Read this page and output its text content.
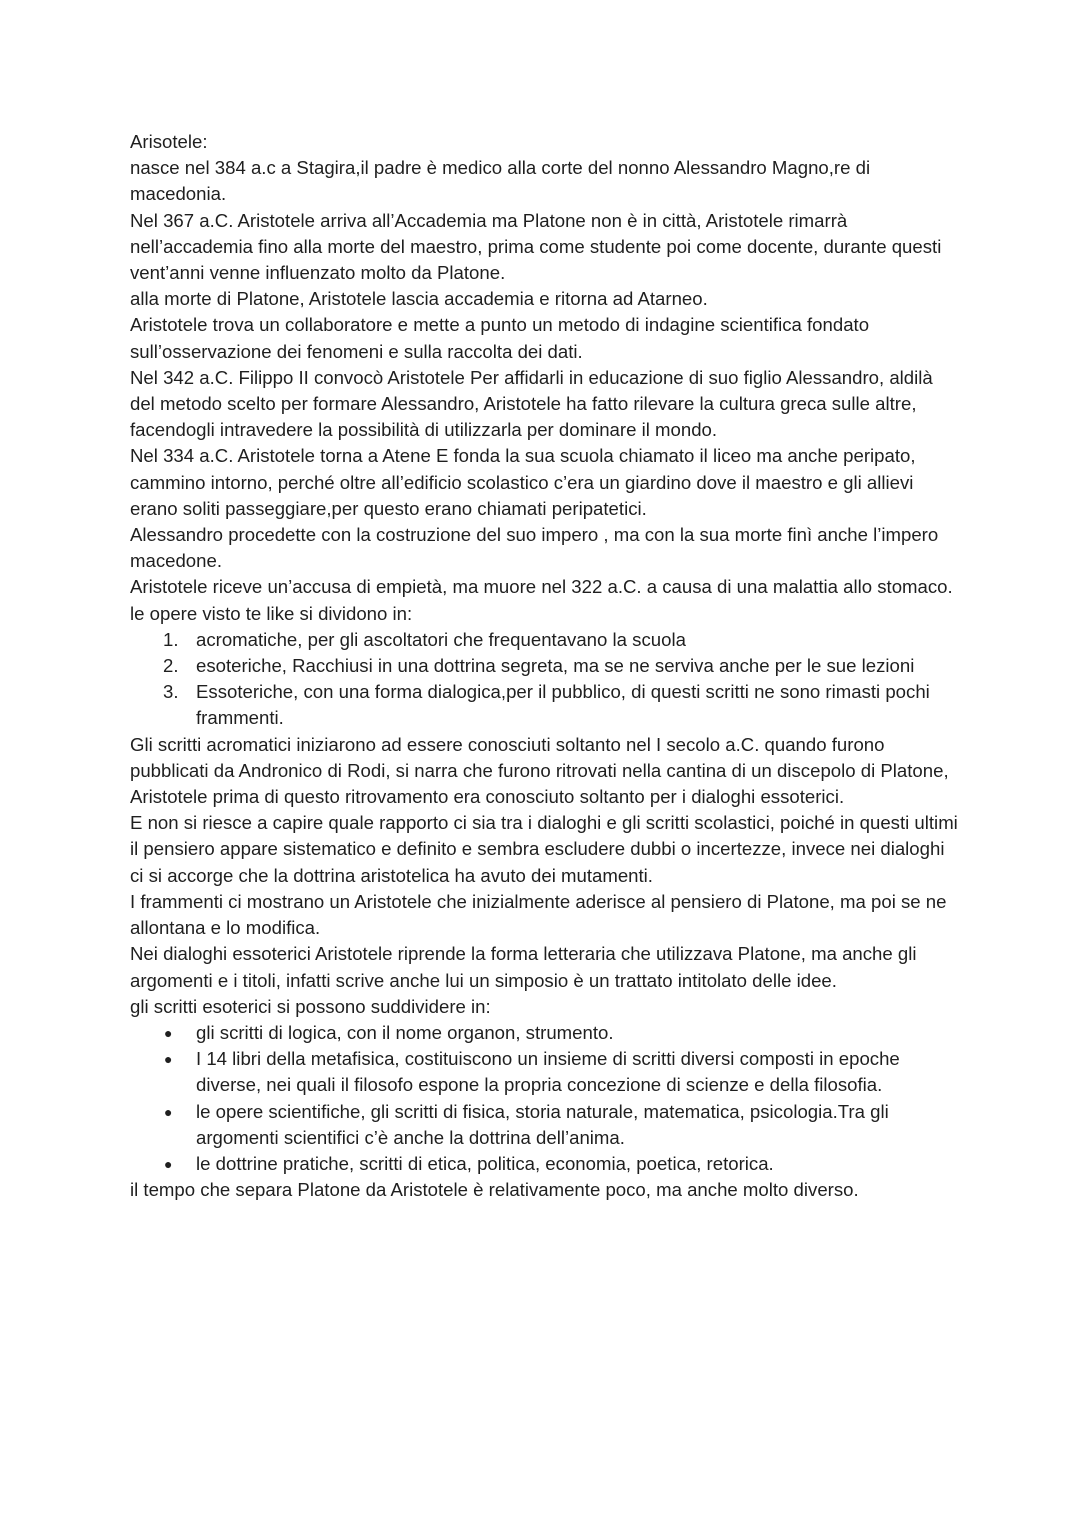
Arisotele:

nasce nel 384 a.c a Stagira,il padre è medico alla corte del nonno Alessandro Magno,re di macedonia.

Nel 367 a.C. Aristotele arriva all’Accademia ma Platone non è in città, Aristotele rimarrà nell’accademia fino alla morte del maestro, prima come studente poi come docente, durante questi vent’anni venne influenzato molto da Platone.

alla morte di Platone, Aristotele lascia accademia e ritorna ad Atarneo.

Aristotele trova un collaboratore e mette a punto un metodo di indagine scientifica fondato sull’osservazione dei fenomeni e sulla raccolta dei dati.

Nel 342 a.C. Filippo II convocò Aristotele Per affidarli in educazione di suo figlio Alessandro, aldilà del metodo scelto per formare Alessandro, Aristotele ha fatto rilevare la cultura greca sulle altre, facendogli intravedere la possibilità di utilizzarla per dominare il mondo.

Nel 334 a.C. Aristotele torna a Atene E fonda la sua scuola chiamato il liceo ma anche peripato, cammino intorno, perché oltre all’edificio scolastico c’era un giardino dove il maestro e gli allievi erano soliti passeggiare,per questo erano chiamati peripatetici.

Alessandro procedette con la costruzione del suo impero , ma con la sua morte finì anche l’impero macedone.

Aristotele riceve un’accusa di empietà, ma muore nel 322 a.C. a causa di una malattia allo stomaco.

le opere visto te like si dividono in:

1. acromatiche, per gli ascoltatori che frequentavano la scuola
2. esoteriche, Racchiusi in una dottrina segreta, ma se ne serviva anche per le sue lezioni
3. Essoteriche, con una forma dialogica,per il pubblico, di questi scritti ne sono rimasti pochi frammenti.

Gli scritti acromatici iniziarono ad essere conosciuti soltanto nel I secolo a.C. quando furono pubblicati da Andronico di Rodi, si narra che furono ritrovati nella cantina di un discepolo di Platone, Aristotele prima di questo ritrovamento era conosciuto soltanto per i dialoghi essoterici.

E non si riesce a capire quale rapporto ci sia tra i dialoghi e gli scritti scolastici, poiché in questi ultimi il pensiero appare sistematico e definito e sembra escludere dubbi o incertezze, invece nei dialoghi ci si accorge che la dottrina aristotelica ha avuto dei mutamenti.

I frammenti ci mostrano un Aristotele che inizialmente aderisce al pensiero di Platone, ma poi se ne allontana e lo modifica.

Nei dialoghi essoterici Aristotele riprende la forma letteraria che utilizzava Platone, ma anche gli argomenti e i titoli, infatti scrive anche lui un simposio è un trattato intitolato delle idee.

gli scritti esoterici si possono suddividere in:

● gli scritti di logica, con il nome organon, strumento.
● I 14 libri della metafisica, costituiscono un insieme di scritti diversi composti in epoche diverse, nei quali il filosofo espone la propria concezione di scienze e della filosofia.
● le opere scientifiche, gli scritti di fisica, storia naturale, matematica, psicologia.Tra gli argomenti scientifici c’è anche la dottrina dell’anima.
● le dottrine pratiche, scritti di etica, politica, economia, poetica, retorica.

il tempo che separa Platone da Aristotele è relativamente poco, ma anche molto diverso.
